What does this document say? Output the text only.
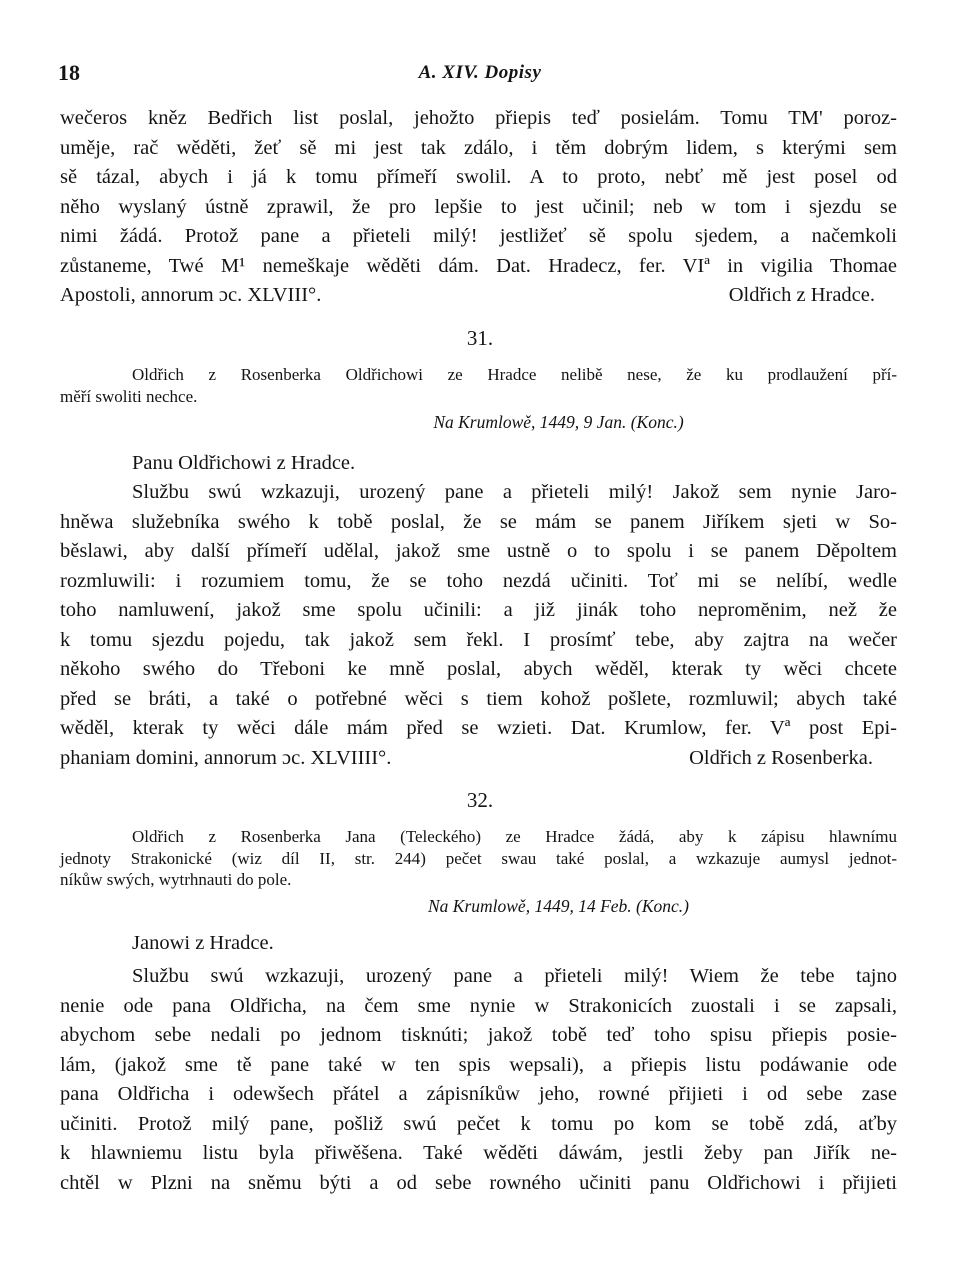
18	A. XIV. Dopisy
wečeros kněz Bedřich list poslal, jehožto přiepis teď posielám. Tomu TM' poroz-
uměje, rač wěděti, žeť sě mi jest tak zdálo, i těm dobrým lidem, s kterými sem
sě tázal, abych i já k tomu přímeří swolil. A to proto, nebť mě jest posel od
něho wyslaný ústně zprawil, že pro lepšie to jest učinil; neb w tom i sjezdu se
nimi žádá. Protož pane a přieteli milý! jestližeť sě spolu sjedem, a načemkoli
zůstaneme, Twé M¹ nemeškaje wěděti dám. Dat. Hradecz, fer. VIª in vigilia Thomae
Apostoli, annorum ɔc. XLVIII°.	Oldřich z Hradce.
31.
Oldřich z Rosenberka Oldřichowi ze Hradce nelibě nese, že ku prodlaužení pří-
měří swoliti nechce.
Na Krumlowě, 1449, 9 Jan. (Konc.)
Panu Oldřichowi z Hradce.
Službu swú wzkazuji, urozený pane a přieteli milý! Jakož sem nynie Jaro-
hněwa služebníka swého k tobě poslal, že se mám se panem Jiříkem sjeti w So-
běslawi, aby další přímeří udělal, jakož sme ustně o to spolu i se panem Děpoltem
rozmluwili: i rozumiem tomu, že se toho nezdá učiniti. Toť mi se nelíbí, wedle
toho namluwení, jakož sme spolu učinili: a již jinák toho nepromĕnim, než že
k tomu sjezdu pojedu, tak jakož sem řekl. I prosímť tebe, aby zajtra na wečer
někoho swého do Třeboni ke mně poslal, abych wěděl, kterak ty wěci chcete
před se bráti, a také o potřebné wěci s tiem kohož pošlete, rozmluwil; abych také
wěděl, kterak ty wěci dále mám před se wzieti. Dat. Krumlow, fer. Vª post Epi-
phaniam domini, annorum ɔc. XLVIIII°.	Oldřich z Rosenberka.
32.
Oldřich z Rosenberka Jana (Teleckého) ze Hradce žádá, aby k zápisu hlawnímu
jednoty Strakonické (wiz díl II, str. 244) pečet swau také poslal, a wzkazuje aumysl jednot-
níkůw swých, wytrhnauti do pole.
Na Krumlowě, 1449, 14 Feb. (Konc.)
Janowi z Hradce.
Službu swú wzkazuji, urozený pane a přieteli milý! Wiem že tebe tajno
nenie ode pana Oldřicha, na čem sme nynie w Strakonicích zuostali i se zapsali,
abychom sebe nedali po jednom tisknúti; jakož tobě teď toho spisu přiepis posie-
lám, (jakož sme tě pane také w ten spis wepsali), a přiepis listu podáwanie ode
pana Oldřicha i odewšech přátel a zápisníkůw jeho, rowné přijieti i od sebe zase
učiniti. Protož milý pane, pošliž swú pečet k tomu po kom se tobě zdá, aťby
k hlawniemu listu byla přiwěšena. Také wěděti dáwám, jestli žeby pan Jiřík ne-
chtěl w Plzni na sněmu býti a od sebe rowného učiniti panu Oldřichowi i přijieti
